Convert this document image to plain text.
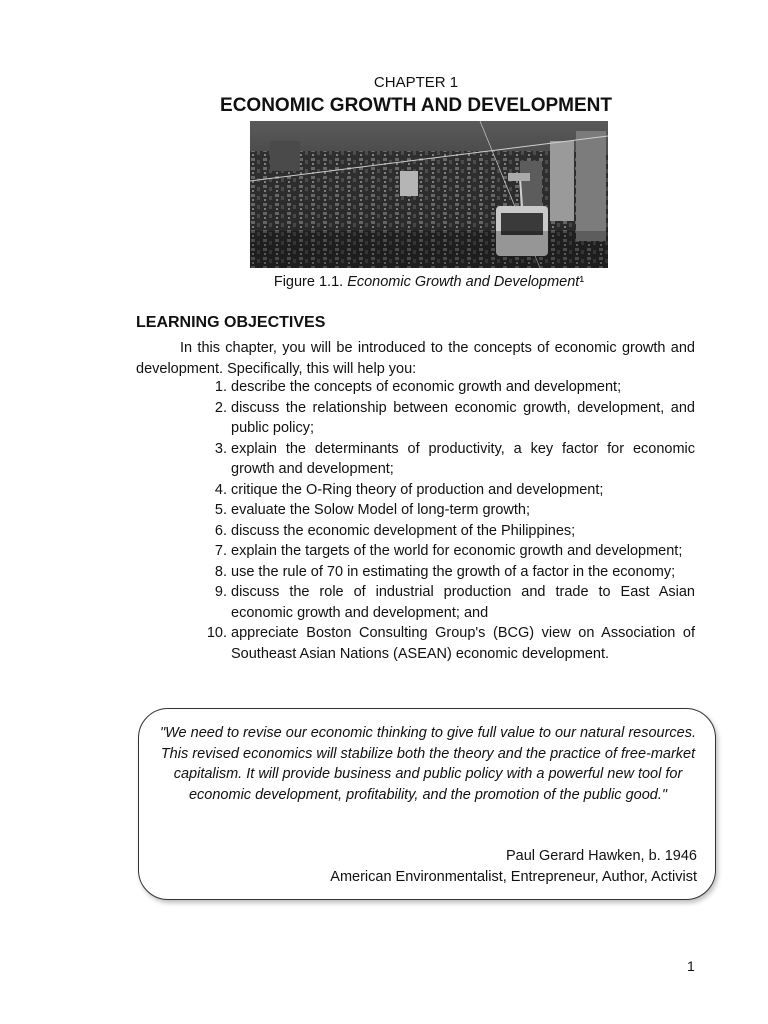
CHAPTER 1
ECONOMIC GROWTH AND DEVELOPMENT
Figure 1.1. Economic Growth and Development¹
LEARNING OBJECTIVES
In this chapter, you will be introduced to the concepts of economic growth and development. Specifically, this will help you:
1. describe the concepts of economic growth and development;
2. discuss the relationship between economic growth, development, and public policy;
3. explain the determinants of productivity, a key factor for economic growth and development;
4. critique the O-Ring theory of production and development;
5. evaluate the Solow Model of long-term growth;
6. discuss the economic development of the Philippines;
7. explain the targets of the world for economic growth and development;
8. use the rule of 70 in estimating the growth of a factor in the economy;
9. discuss the role of industrial production and trade to East Asian economic growth and development; and
10. appreciate Boston Consulting Group's (BCG) view on Association of Southeast Asian Nations (ASEAN) economic development.
"We need to revise our economic thinking to give full value to our natural resources. This revised economics will stabilize both the theory and the practice of free-market capitalism. It will provide business and public policy with a powerful new tool for economic development, profitability, and the promotion of the public good."
Paul Gerard Hawken, b. 1946
American Environmentalist, Entrepreneur, Author, Activist
1
